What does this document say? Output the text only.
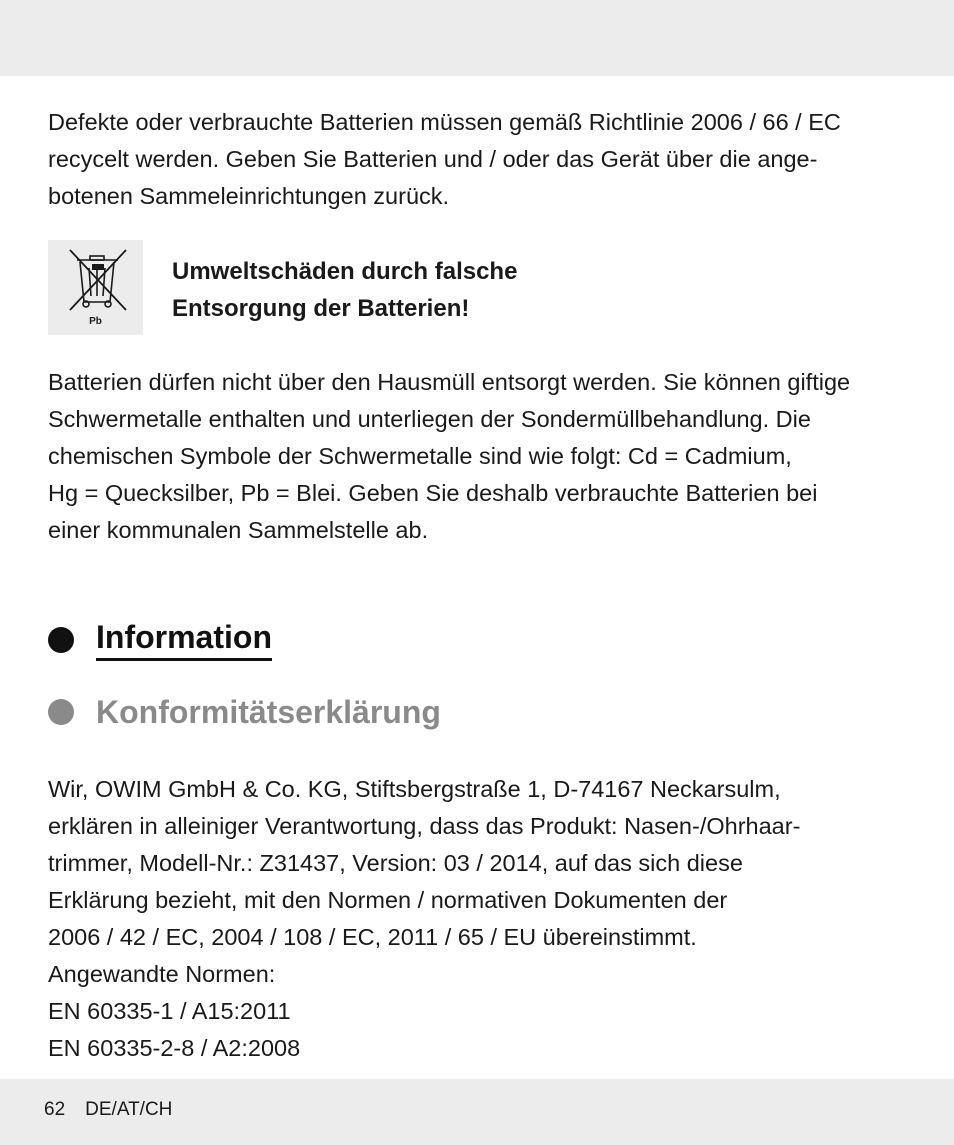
Defekte oder verbrauchte Batterien müssen gemäß Richtlinie 2006 / 66 / EC
recycelt werden. Geben Sie Batterien und / oder das Gerät über die ange-
botenen Sammeleinrichtungen zurück.

Pb

Umweltschäden durch falsche
Entsorgung der Batterien!

Batterien dürfen nicht über den Hausmüll entsorgt werden. Sie können giftige
Schwermetalle enthalten und unterliegen der Sondermüllbehandlung. Die
chemischen Symbole der Schwermetalle sind wie folgt: Cd = Cadmium,
Hg = Quecksilber, Pb = Blei. Geben Sie deshalb verbrauchte Batterien bei
einer kommunalen Sammelstelle ab.

Information
Konformitätserklärung

Wir, OWIM GmbH & Co. KG, Stiftsbergstraße 1, D-74167 Neckarsulm,
erklären in alleiniger Verantwortung, dass das Produkt: Nasen-/Ohrhaar-
trimmer, Modell-Nr.: Z31437, Version: 03 / 2014, auf das sich diese
Erklärung bezieht, mit den Normen / normativen Dokumenten der
2006 / 42 / EC, 2004 / 108 / EC, 2011 / 65 / EU übereinstimmt.
Angewandte Normen:
EN 60335-1 / A15:2011
EN 60335-2-8 / A2:2008

62 DE/AT/CH
